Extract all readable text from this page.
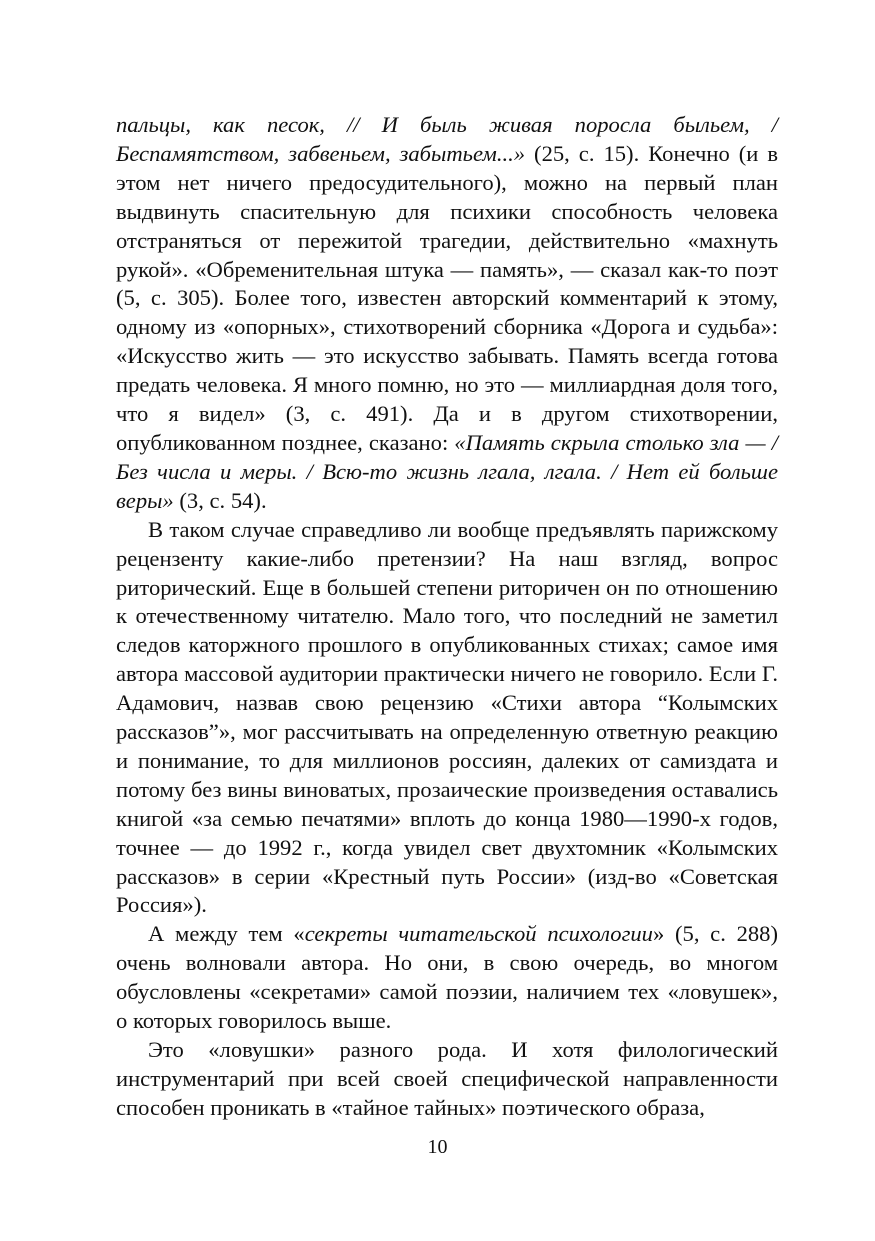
пальцы, как песок, // И быль живая поросла быльем, / Беспамятством, забвеньем, забытьем...» (25, с. 15). Конечно (и в этом нет ничего предосудительного), можно на первый план выдвинуть спасительную для психики способность человека отстраняться от пережитой трагедии, действительно «махнуть рукой». «Обременительная штука — память», — сказал как-то поэт (5, с. 305). Более того, известен авторский комментарий к этому, одному из «опорных», стихотворений сборника «Дорога и судьба»: «Искусство жить — это искусство забывать. Память всегда готова предать человека. Я много помню, но это — миллиардная доля того, что я видел» (3, с. 491). Да и в другом стихотворении, опубликованном позднее, сказано: «Память скрыла столько зла — / Без числа и меры. / Всю-то жизнь лгала, лгала. / Нет ей больше веры» (3, с. 54).

В таком случае справедливо ли вообще предъявлять парижскому рецензенту какие-либо претензии? На наш взгляд, вопрос риторический. Еще в большей степени риторичен он по отношению к отечественному читателю. Мало того, что последний не заметил следов каторжного прошлого в опубликованных стихах; самое имя автора массовой аудитории практически ничего не говорило. Если Г. Адамович, назвав свою рецензию «Стихи автора “Колымских рассказов”», мог рассчитывать на определенную ответную реакцию и понимание, то для миллионов россиян, далеких от самиздата и потому без вины виноватых, прозаические произведения оставались книгой «за семью печатями» вплоть до конца 1980—1990-х годов, точнее — до 1992 г., когда увидел свет двухтомник «Колымских рассказов» в серии «Крестный путь России» (изд-во «Советская Россия»).

А между тем «секреты читательской психологии» (5, с. 288) очень волновали автора. Но они, в свою очередь, во многом обусловлены «секретами» самой поэзии, наличием тех «ловушек», о которых говорилось выше.

Это «ловушки» разного рода. И хотя филологический инструментарий при всей своей специфической направленности способен проникать в «тайное тайных» поэтического образа,

10
